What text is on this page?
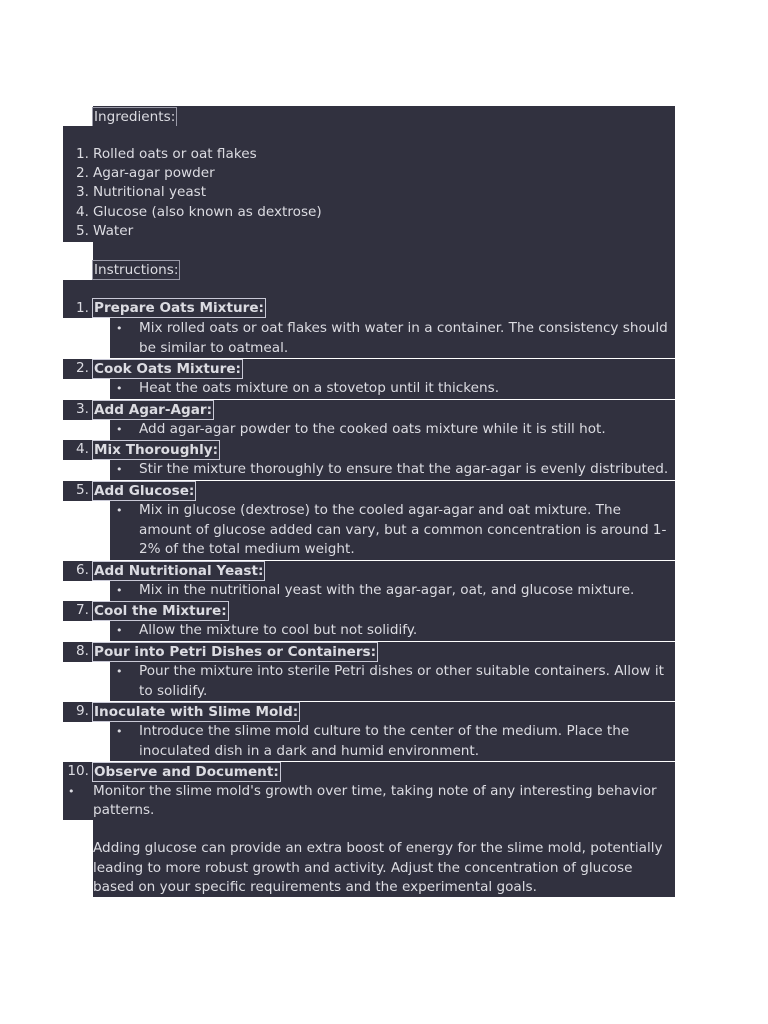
Ingredients:
1. Rolled oats or oat flakes
2. Agar-agar powder
3. Nutritional yeast
4. Glucose (also known as dextrose)
5. Water
Instructions:
1. Prepare Oats Mixture:
• Mix rolled oats or oat flakes with water in a container. The consistency should
be similar to oatmeal.
2. Cook Oats Mixture:
• Heat the oats mixture on a stovetop until it thickens.
3. Add Agar-Agar:
• Add agar-agar powder to the cooked oats mixture while it is still hot.
4. Mix Thoroughly:
• Stir the mixture thoroughly to ensure that the agar-agar is evenly distributed.
5. Add Glucose:
• Mix in glucose (dextrose) to the cooled agar-agar and oat mixture. The
amount of glucose added can vary, but a common concentration is around 1-
2% of the total medium weight.
6. Add Nutritional Yeast:
• Mix in the nutritional yeast with the agar-agar, oat, and glucose mixture.
7. Cool the Mixture:
• Allow the mixture to cool but not solidify.
8. Pour into Petri Dishes or Containers:
• Pour the mixture into sterile Petri dishes or other suitable containers. Allow it
to solidify.
9. Inoculate with Slime Mold:
• Introduce the slime mold culture to the center of the medium. Place the
inoculated dish in a dark and humid environment.
10. Observe and Document:
• Monitor the slime mold's growth over time, taking note of any interesting behavior
patterns.
Adding glucose can provide an extra boost of energy for the slime mold, potentially
leading to more robust growth and activity. Adjust the concentration of glucose
based on your specific requirements and the experimental goals.
